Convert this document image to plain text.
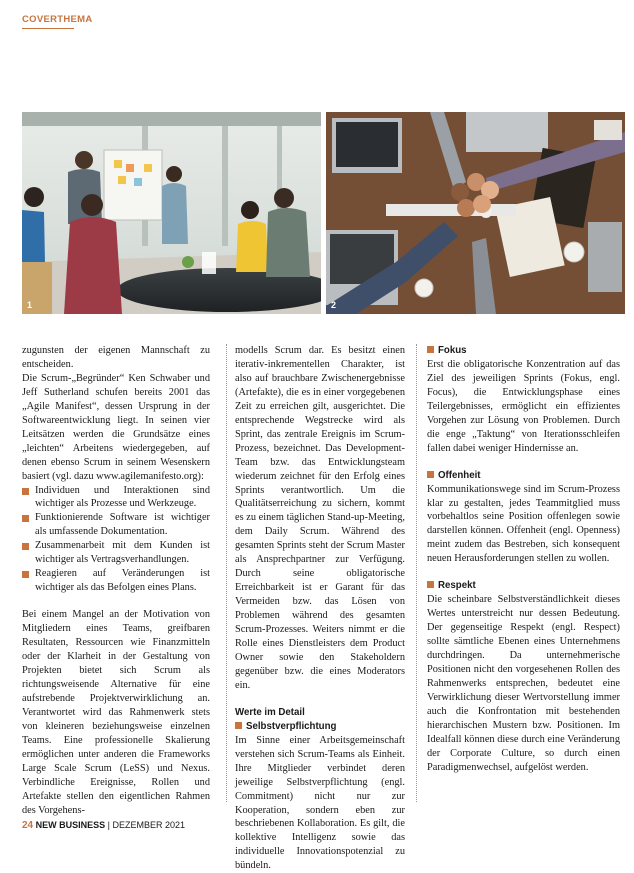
COVERTHEMA
1	2

zugunsten der eigenen Mannschaft zu entscheiden.

Die Scrum-„Begründer“ Ken Schwaber und Jeff Sutherland schufen bereits 2001 das „Agile Manifest“, dessen Ursprung in der Softwareentwicklung liegt. In seinen vier Leitsätzen werden die Grundsätze eines „leichten“ Arbeitens wiedergegeben, auf denen ebenso Scrum in seinem Wesenskern basiert (vgl. dazu www.agilemanifesto.org):

Individuen und Interaktionen sind wichtiger als Prozesse und Werkzeuge.
Funktionierende Software ist wichtiger als umfassende Dokumentation.
Zusammenarbeit mit dem Kunden ist wichtiger als Vertragsverhandlungen.
Reagieren auf Veränderungen ist wichtiger als das Befolgen eines Plans.

Bei einem Mangel an der Motivation von Mitgliedern eines Teams, greifbaren Resultaten, Ressourcen wie Finanzmitteln oder der Klarheit in der Gestaltung von Projekten bietet sich Scrum als richtungsweisende Alternative für eine aufstrebende Projektverwirklichung an. Verantwortet wird das Rahmenwerk stets von kleineren beziehungsweise einzelnen Teams. Eine professionelle Skalierung ermöglichen unter anderen die Frameworks Large Scale Scrum (LeSS) und Nexus. Verbindliche Ereignisse, Rollen und Artefakte stellen den eigentlichen Rahmen des Vorgehens-

modells Scrum dar. Es besitzt einen iterativ-inkrementellen Charakter, ist also auf brauchbare Zwischenergebnisse (Artefakte), die es in einer vorgegebenen Zeit zu erreichen gilt, ausgerichtet. Die entsprechende Wegstrecke wird als Sprint, das zentrale Ereignis im Scrum-Prozess, bezeichnet. Das Development-Team bzw. das Entwicklungsteam wiederum zeichnet für den Erfolg eines Sprints verantwortlich. Um die Qualitätserreichung zu sichern, kommt es zu einem täglichen Stand-up-Meeting, dem Daily Scrum. Während des gesamten Sprints steht der Scrum Master als Ansprechpartner zur Verfügung. Durch seine obligatorische Erreichbarkeit ist er Garant für das Vermeiden bzw. das Lösen von Problemen während des gesamten Scrum-Prozesses. Weiters nimmt er die Rolle eines Dienstleisters dem Product Owner sowie den Stakeholdern gegenüber bzw. die eines Moderators ein.

Werte im Detail

Selbstverpflichtung

Im Sinne einer Arbeitsgemeinschaft verstehen sich Scrum-Teams als Einheit. Ihre Mitglieder verbindet deren jeweilige Selbstverpflichtung (engl. Commitment) nicht nur zur Kooperation, sondern eben zur beschriebenen Kollaboration. Es gilt, die kollektive Intelligenz sowie das individuelle Innovationspotenzial zu bündeln.

Fokus

Erst die obligatorische Konzentration auf das Ziel des jeweiligen Sprints (Fokus, engl. Focus), die Entwicklungsphase eines Teilergebnisses, ermöglicht ein effizientes Vorgehen zur Lösung von Problemen. Durch die enge „Taktung“ von Iterationsschleifen fallen dabei weniger Hindernisse an.

Offenheit

Kommunikationswege sind im Scrum-Prozess klar zu gestalten, jedes Teammitglied muss vorbehaltlos seine Position offenlegen sowie darstellen können. Offenheit (engl. Openness) meint zudem das Bestreben, sich konsequent neuen Herausforderungen stellen zu wollen.

Respekt

Die scheinbare Selbstverständlichkeit dieses Wertes unterstreicht nur dessen Bedeutung. Der gegenseitige Respekt (engl. Respect) sollte sämtliche Ebenen eines Unternehmens durchdringen. Da unternehmerische Positionen nicht den vorgesehenen Rollen des Rahmenwerks entsprechen, bedeutet eine Verwirklichung dieser Wertvorstellung immer auch die Konfrontation mit bestehenden hierarchischen Mustern bzw. Positionen. Im Idealfall können diese durch eine Veränderung der Corporate Culture, so durch einen Paradigmenwechsel, aufgelöst werden.

24 NEW BUSINESS | DEZEMBER 2021
